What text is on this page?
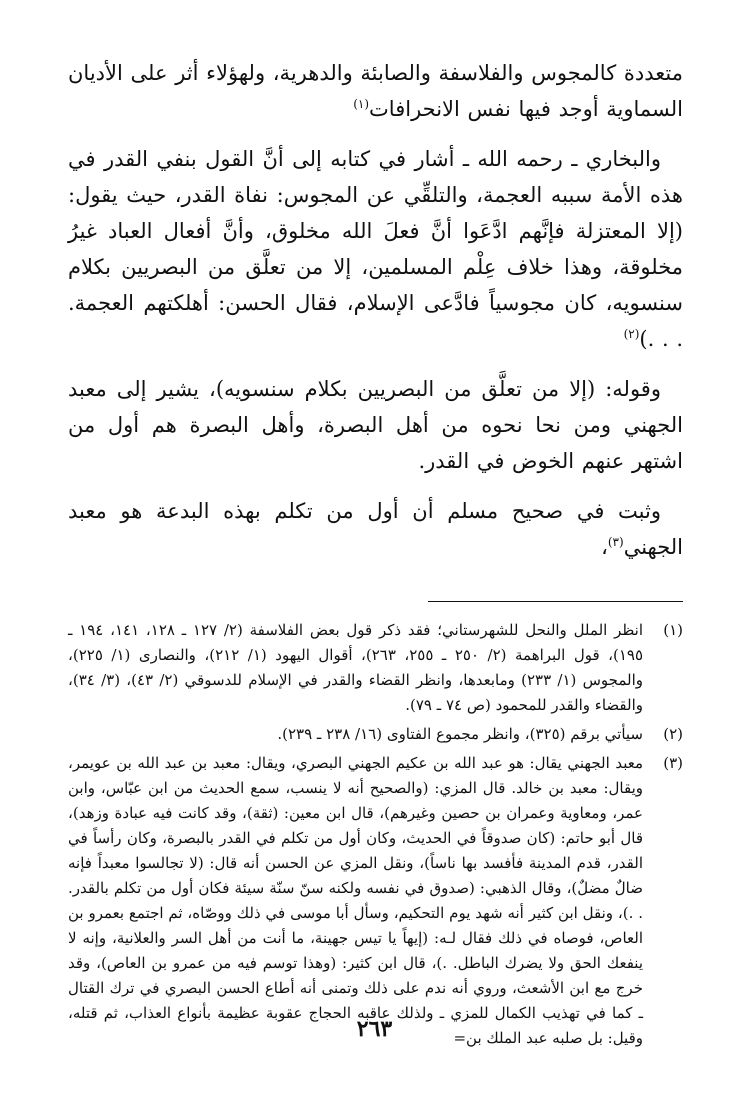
متعددة كالمجوس والفلاسفة والصابئة والدهرية، ولهؤلاء أثر على الأديان السماوية أوجد فيها نفس الانحرافات$^{(١)}$

والبخاري ـ رحمه الله ـ أشار في كتابه إلى أنَّ القول بنفي القدر في هذه الأمة سببه العجمة، والتلقِّي عن المجوس: نفاة القدر، حيث يقول: (إلا المعتزلة فإنَّهم ادَّعَوا أنَّ فعلَ الله مخلوق، وأنَّ أفعال العباد غيرُ مخلوقة، وهذا خلاف عِلْم المسلمين، إلا من تعلَّق من البصريين بكلام سنسويه، كان مجوسياً فادَّعى الإسلام، فقال الحسن: أهلكتهم العجمة. . . .)$^{(٢)}$

وقوله: (إلا من تعلَّق من البصريين بكلام سنسويه)، يشير إلى معبد الجهني ومن نحا نحوه من أهل البصرة، وأهل البصرة هم أول من اشتهر عنهم الخوض في القدر.

وثبت في صحيح مسلم أن أول من تكلم بهذه البدعة هو معبد الجهني$^{(٣)}$،

(١)
انظر الملل والنحل للشهرستاني؛ فقد ذكر قول بعض الفلاسفة (٢/ ١٢٧ ـ ١٢٨، ١٤١، ١٩٤ ـ ١٩٥)، قول البراهمة (٢/ ٢٥٠ ـ ٢٥٥، ٢٦٣)، أقوال اليهود (١/ ٢١٢)، والنصارى (١/ ٢٢٥)، والمجوس (١/ ٢٣٣) ومابعدها، وانظر القضاء والقدر في الإسلام للدسوقي (٢/ ٤٣)، (٣/ ٣٤)، والقضاء والقدر للمحمود (ص ٧٤ ـ ٧٩).
(٢)
سيأتي برقم (٣٢٥)، وانظر مجموع الفتاوى (١٦/ ٢٣٨ ـ ٢٣٩).
(٣)
معبد الجهني يقال: هو عبد الله بن عكيم الجهني البصري، ويقال: معبد بن عبد الله بن عويمر، ويقال: معبد بن خالد. قال المزي: (والصحيح أنه لا ينسب، سمع الحديث من ابن عبّاس، وابن عمر، ومعاوية وعمران بن حصين وغيرهم)، قال ابن معين: (ثقة)، وقد كانت فيه عبادة وزهد)، قال أبو حاتم: (كان صدوقاً في الحديث، وكان أول من تكلم في القدر بالبصرة، وكان رأساً في القدر، قدم المدينة فأفسد بها ناساً)، ونقل المزي عن الحسن أنه قال: (لا تجالسوا معبداً فإنه ضالٌ مضلٌ)، وقال الذهبي: (صدوق في نفسه ولكنه سنّ سنّة سيئة فكان أول من تكلم بالقدر. . .)، ونقل ابن كثير أنه شهد يوم التحكيم، وسأل أبا موسى في ذلك ووصّاه، ثم اجتمع بعمرو بن العاص، فوصاه في ذلك فقال لـه: (إيهاً يا تيس جهينة، ما أنت من أهل السر والعلانية، وإنه لا ينفعك الحق ولا يضرك الباطل. .)، قال ابن كثير: (وهذا توسم فيه من عمرو بن العاص)، وقد خرج مع ابن الأشعث، وروي أنه ندم على ذلك وتمنى أنه أطاع الحسن البصري في ترك القتال ـ كما في تهذيب الكمال للمزي ـ ولذلك عاقبه الحجاج عقوبة عظيمة بأنواع العذاب، ثم قتله، وقيل: بل صلبه عبد الملك بن=
٢٦٣
